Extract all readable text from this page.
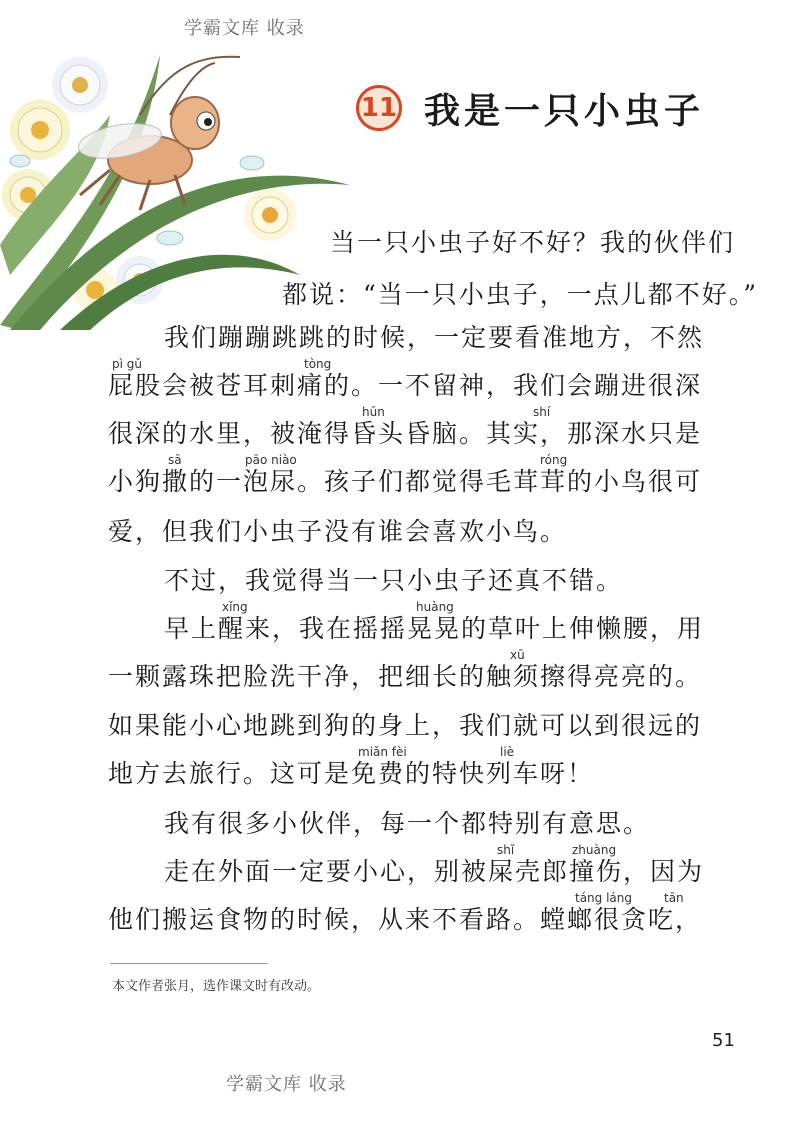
学霸文库 收录
11 我是一只小虫子
当一只小虫子好不好？我的伙伴们
都说：“当一只小虫子，一点儿都不好。”
我们蹦蹦跳跳的时候，一定要看准地方，不然
pì gǔ	tòng
屁股会被苍耳刺痛的。一不留神，我们会蹦进很深
hūn	shí
很深的水里，被淹得昏头昏脑。其实，那深水只是
sā	pāo niào	róng
小狗撒的一泡尿。孩子们都觉得毛茸茸的小鸟很可
爱，但我们小虫子没有谁会喜欢小鸟。
不过，我觉得当一只小虫子还真不错。
xǐng	huàng
早上醒来，我在摇摇晃晃的草叶上伸懒腰，用
xū
一颗露珠把脸洗干净，把细长的触须擦得亮亮的。
如果能小心地跳到狗的身上，我们就可以到很远的
miǎn fèi	liè
地方去旅行。这可是免费的特快列车呀！
我有很多小伙伴，每一个都特别有意思。
shǐ	zhuàng
走在外面一定要小心，别被屎壳郎撞伤，因为
táng láng	tān
他们搬运食物的时候，从来不看路。螳螂很贪吃，
本文作者张月，选作课文时有改动。
51
学霸文库 收录
